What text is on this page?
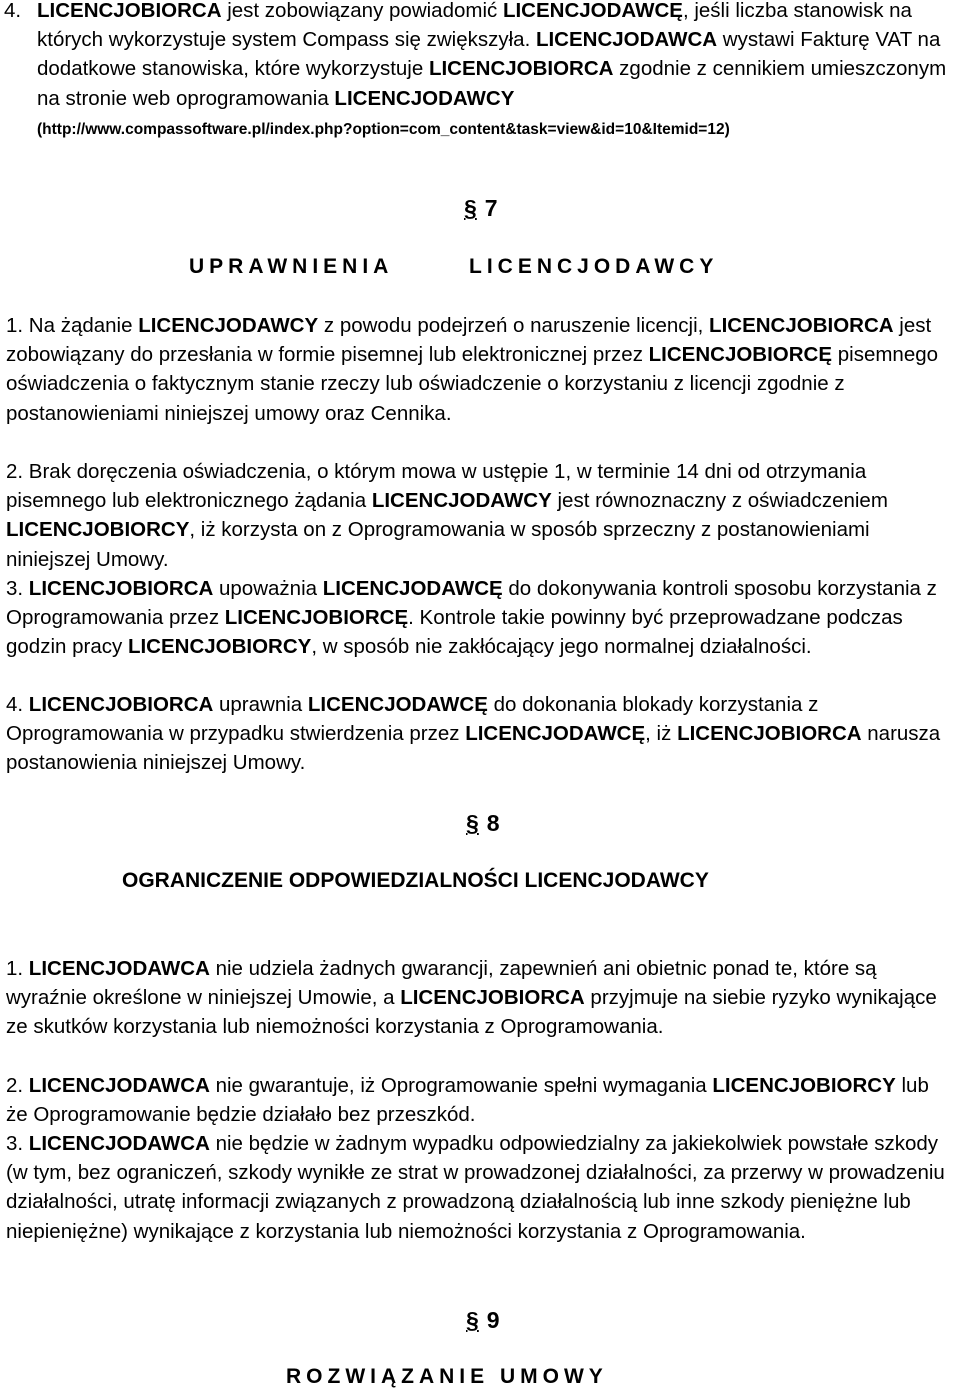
4. LICENCJOBIORCA jest zobowiązany powiadomić LICENCJODAWCĘ, jeśli liczba stanowisk na których wykorzystuje system Compass się zwiększyła. LICENCJODAWCA wystawi Fakturę VAT na dodatkowe stanowiska, które wykorzystuje LICENCJOBIORCA zgodnie z cennikiem umieszczonym na stronie web oprogramowania LICENCJODAWCY
(http://www.compassoftware.pl/index.php?option=com_content&task=view&id=10&Itemid=12)

§ 7
UPRAWNIENIA	LICENCJODAWCY

1. Na żądanie LICENCJODAWCY z powodu podejrzeń o naruszenie licencji, LICENCJOBIORCA jest zobowiązany do przesłania w formie pisemnej lub elektronicznej przez LICENCJOBIORCĘ pisemnego oświadczenia o faktycznym stanie rzeczy lub oświadczenie o korzystaniu z licencji zgodnie z postanowieniami niniejszej umowy oraz Cennika.

2. Brak doręczenia oświadczenia, o którym mowa w ustępie 1, w terminie 14 dni od otrzymania pisemnego lub elektronicznego żądania LICENCJODAWCY jest równoznaczny z oświadczeniem LICENCJOBIORCY, iż korzysta on z Oprogramowania w sposób sprzeczny z postanowieniami niniejszej Umowy.

3. LICENCJOBIORCA upoważnia LICENCJODAWCĘ do dokonywania kontroli sposobu korzystania z Oprogramowania przez LICENCJOBIORCĘ. Kontrole takie powinny być przeprowadzane podczas godzin pracy LICENCJOBIORCY, w sposób nie zakłócający jego normalnej działalności.

4. LICENCJOBIORCA uprawnia LICENCJODAWCĘ do dokonania blokady korzystania z Oprogramowania w przypadku stwierdzenia przez LICENCJODAWCĘ, iż LICENCJOBIORCA narusza postanowienia niniejszej Umowy.

§ 8
OGRANICZENIE ODPOWIEDZIALNOŚCI LICENCJODAWCY

1. LICENCJODAWCA nie udziela żadnych gwarancji, zapewnień ani obietnic ponad te, które są wyraźnie określone w niniejszej Umowie, a LICENCJOBIORCA przyjmuje na siebie ryzyko wynikające ze skutków korzystania lub niemożności korzystania z Oprogramowania.

2. LICENCJODAWCA nie gwarantuje, iż Oprogramowanie spełni wymagania LICENCJOBIORCY lub że Oprogramowanie będzie działało bez przeszkód.

3. LICENCJODAWCA nie będzie w żadnym wypadku odpowiedzialny za jakiekolwiek powstałe szkody (w tym, bez ograniczeń, szkody wynikłe ze strat w prowadzonej działalności, za przerwy w prowadzeniu działalności, utratę informacji związanych z prowadzoną działalnością lub inne szkody pieniężne lub niepieniężne) wynikające z korzystania lub niemożności korzystania z Oprogramowania.

§ 9
ROZWIĄZANIE UMOWY
